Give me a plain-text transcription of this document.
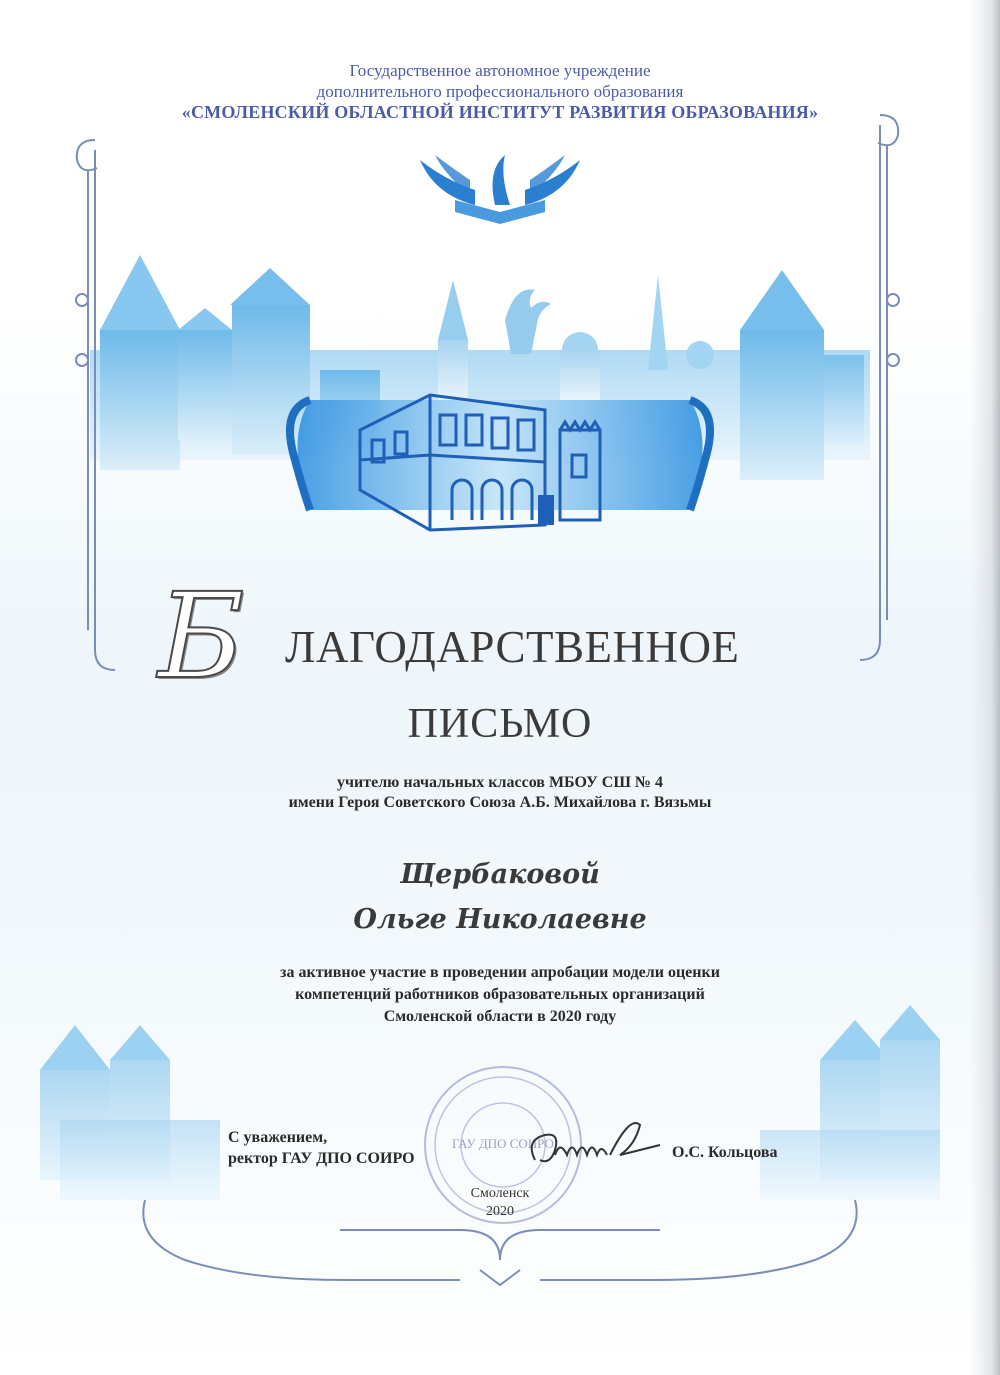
Государственное автономное учреждение
дополнительного профессионального образования
«СМОЛЕНСКИЙ ОБЛАСТНОЙ ИНСТИТУТ РАЗВИТИЯ ОБРАЗОВАНИЯ»
Б ЛАГОДАРСТВЕННОЕ
ПИСЬМО
учителю начальных классов МБОУ СШ № 4
имени Героя Советского Союза А.Б. Михайлова г. Вязьмы
Щербаковой
Ольге Николаевне
за активное участие в проведении апробации модели оценки
компетенций работников образовательных организаций
Смоленской области в 2020 году
ГАУ ДПО СОИРО
С уважением,
ректор ГАУ ДПО СОИРО	О.С. Кольцова
Смоленск
2020
